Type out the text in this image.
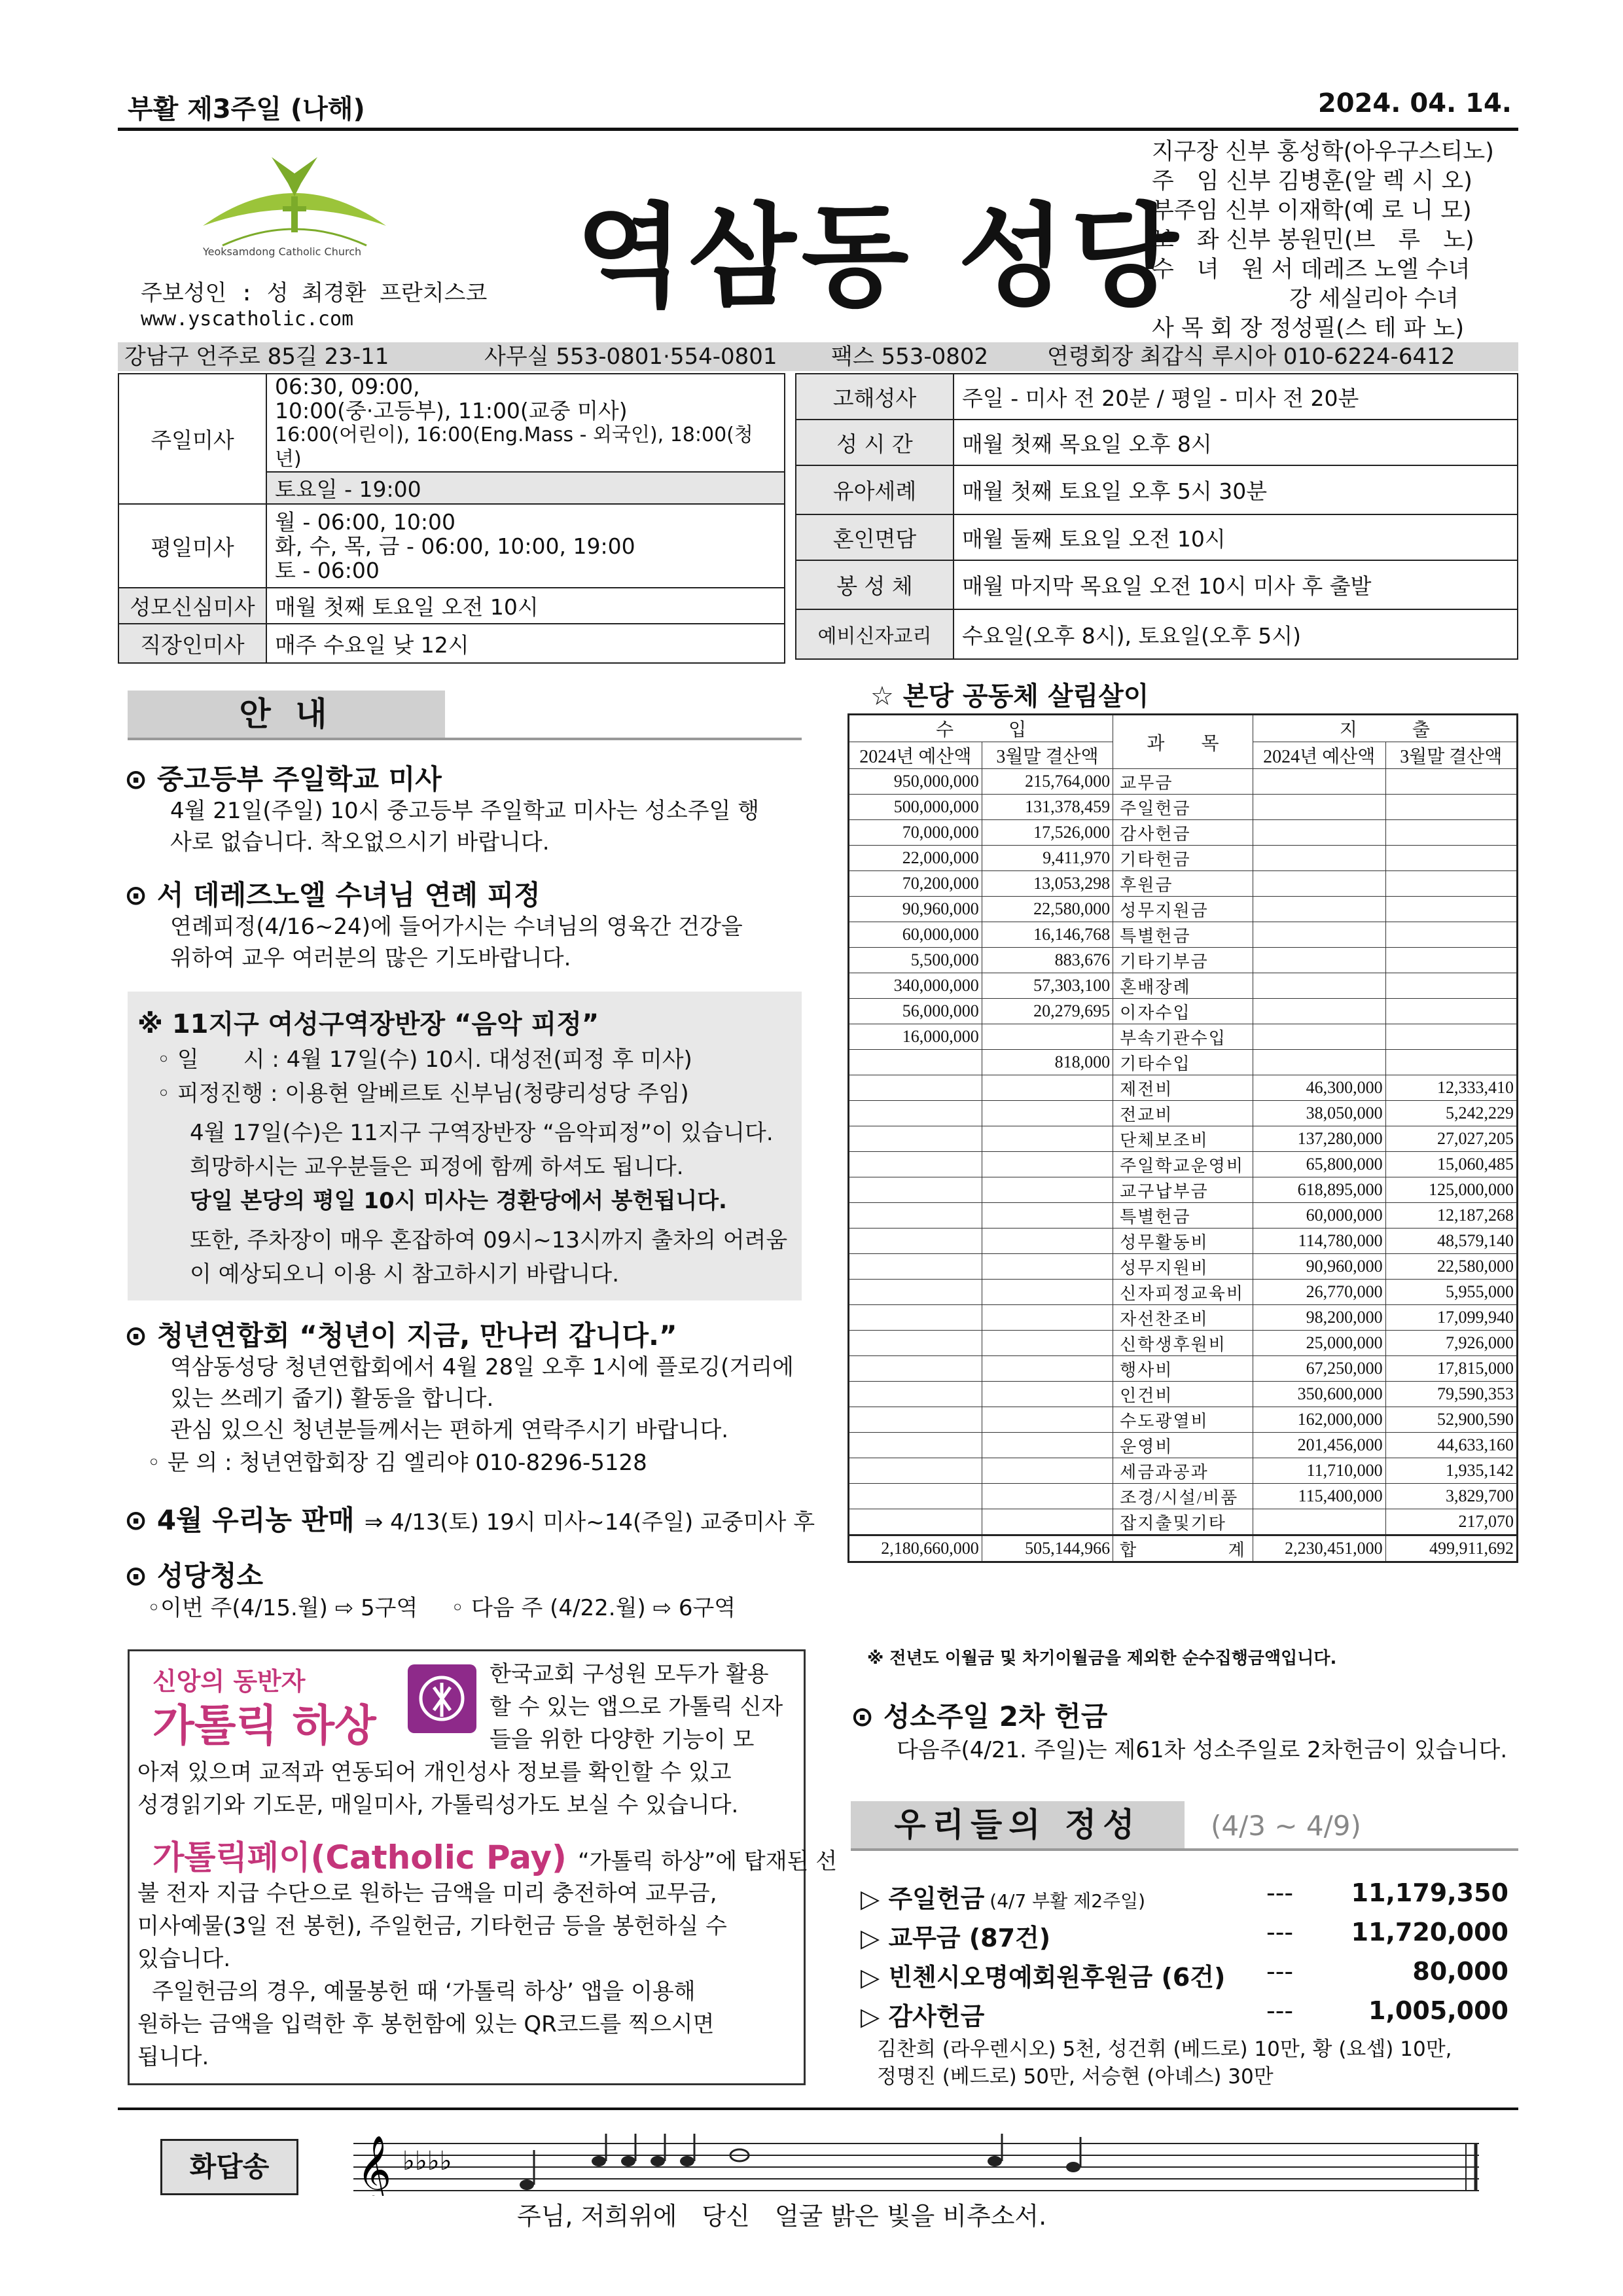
부활 제3주일 (나해)	2024. 04. 14.
Yeoksamdong Catholic Church 역삼동 성당
주보성인 : 성 최경환 프란치스코
www.yscatholic.com
지구장 신부 홍성학(아우구스티노)
주　임 신부 김병훈(알 렉 시 오)
부주임 신부 이재학(예 로 니 모)
보　좌 신부 봉원민(브　루　노)
수　녀　원 서 데레즈 노엘 수녀
강 세실리아 수녀
사 목 회 장 정성필(스 테 파 노)
강남구 언주로 85길 23-11	사무실 553-0801·554-0801 팩스 553-0802	연령회장 최갑식 루시아 010-6224-6412
주일미사	06:30, 09:00,
10:00(중·고등부), 11:00(교중 미사)
16:00(어린이), 16:00(Eng.Mass - 외국인), 18:00(청년)

	토요일 - 19:00
평일미사	월 - 06:00, 10:00
화, 수, 목, 금 - 06:00, 10:00, 19:00
토 - 06:00

성모신심미사	매월 첫째 토요일 오전 10시
직장인미사	매주 수요일 낮 12시
고해성사	주일 - 미사 전 20분 / 평일 - 미사 전 20분
성 시 간	매월 첫째 목요일 오후 8시
유아세례	매월 첫째 토요일 오후 5시 30분
혼인면담	매월 둘째 토요일 오전 10시
봉 성 체	매월 마지막 목요일 오전 10시 미사 후 출발
예비신자교리	수요일(오후 8시), 토요일(오후 5시)
안 내
⊙ 중고등부 주일학교 미사
4월 21일(주일) 10시 중고등부 주일학교 미사는 성소주일 행
사로 없습니다. 착오없으시기 바랍니다.
⊙ 서 데레즈노엘 수녀님 연례 피정
연례피정(4/16~24)에 들어가시는 수녀님의 영육간 건강을
위하여 교우 여러분의 많은 기도바랍니다.
※ 11지구 여성구역장반장 “음악 피정”
◦ 일　　시 : 4월 17일(수) 10시. 대성전(피정 후 미사)
◦ 피정진행 : 이용현 알베르토 신부님(청량리성당 주임)
4월 17일(수)은 11지구 구역장반장 “음악피정”이 있습니다.
희망하시는 교우분들은 피정에 함께 하셔도 됩니다.
당일 본당의 평일 10시 미사는 경환당에서 봉헌됩니다.
또한, 주차장이 매우 혼잡하여 09시~13시까지 출차의 어려움
이 예상되오니 이용 시 참고하시기 바랍니다.
⊙ 청년연합회 “청년이 지금, 만나러 갑니다.”
역삼동성당 청년연합회에서 4월 28일 오후 1시에 플로깅(거리에
있는 쓰레기 줍기) 활동을 합니다.
관심 있으신 청년분들께서는 편하게 연락주시기 바랍니다.
◦ 문 의 : 청년연합회장 김 엘리야 010-8296-5128
⊙ 4월 우리농 판매 ⇒ 4/13(토) 19시 미사~14(주일) 교중미사 후
⊙ 성당청소
◦이번 주(4/15.월) ⇨ 5구역 ◦ 다음 주 (4/22.월) ⇨ 6구역
신앙의 동반자
가톨릭 하상
한국교회 구성원 모두가 활용
할 수 있는 앱으로 가톨릭 신자
들을 위한 다양한 기능이 모
아져 있으며 교적과 연동되어 개인성사 정보를 확인할 수 있고
성경읽기와 기도문, 매일미사, 가톨릭성가도 보실 수 있습니다.
가톨릭페이(Catholic Pay) “가톨릭 하상”에 탑재된 선
불 전자 지급 수단으로 원하는 금액을 미리 충전하여 교무금,
미사예물(3일 전 봉헌), 주일헌금, 기타헌금 등을 봉헌하실 수
있습니다.
주일헌금의 경우, 예물봉헌 때 ‘가톨릭 하상’ 앱을 이용해
원하는 금액을 입력한 후 봉헌함에 있는 QR코드를 찍으시면
됩니다.
☆ 본당 공동체 살림살이
수　　　입		과　　목	지　　　출	
2024년 예산액	3월말 결산액		2024년 예산액	3월말 결산액
950,000,000	215,764,000	교무금		
500,000,000	131,378,459	주일헌금		
70,000,000	17,526,000	감사헌금		
22,000,000	9,411,970	기타헌금		
70,200,000	13,053,298	후원금		
90,960,000	22,580,000	성무지원금		
60,000,000	16,146,768	특별헌금		
5,500,000	883,676	기타기부금		
340,000,000	57,303,100	혼배장례		
56,000,000	20,279,695	이자수입		
16,000,000		부속기관수입		
	818,000	기타수입		
		제전비	46,300,000	12,333,410
		전교비	38,050,000	5,242,229
		단체보조비	137,280,000	27,027,205
		주일학교운영비	65,800,000	15,060,485
		교구납부금	618,895,000	125,000,000
		특별헌금	60,000,000	12,187,268
		성무활동비	114,780,000	48,579,140
		성무지원비	90,960,000	22,580,000
		신자피정교육비	26,770,000	5,955,000
		자선찬조비	98,200,000	17,099,940
		신학생후원비	25,000,000	7,926,000
		행사비	67,250,000	17,815,000
		인건비	350,600,000	79,590,353
		수도광열비	162,000,000	52,900,590
		운영비	201,456,000	44,633,160
		세금과공과	11,710,000	1,935,142
		조경/시설/비품	115,400,000	3,829,700
		잡지출및기타		217,070
2,180,660,000	505,144,966	합　　계	2,230,451,000	499,911,692
※ 전년도 이월금 및 차기이월금을 제외한 순수집행금액입니다.
⊙ 성소주일 2차 헌금
다음주(4/21. 주일)는 제61차 성소주일로 2차헌금이 있습니다.
우리들의 정성	(4/3 ~ 4/9)
▷ 주일헌금 (4/7 부활 제2주일)	--- 11,179,350
▷ 교무금 (87건)	--- 11,720,000
▷ 빈첸시오명예회원후원금 (6건) ---	80,000
▷ 감사헌금	---	1,005,000
김찬희 (라우렌시오) 5천, 성건휘 (베드로) 10만, 황 (요셉) 10만,
정명진 (베드로) 50만, 서승현 (아녜스) 30만
화답송	𝄞 ♭♭♭♭
주님, 저희위에　당신　얼굴 밝은 빛을 비추소서.
